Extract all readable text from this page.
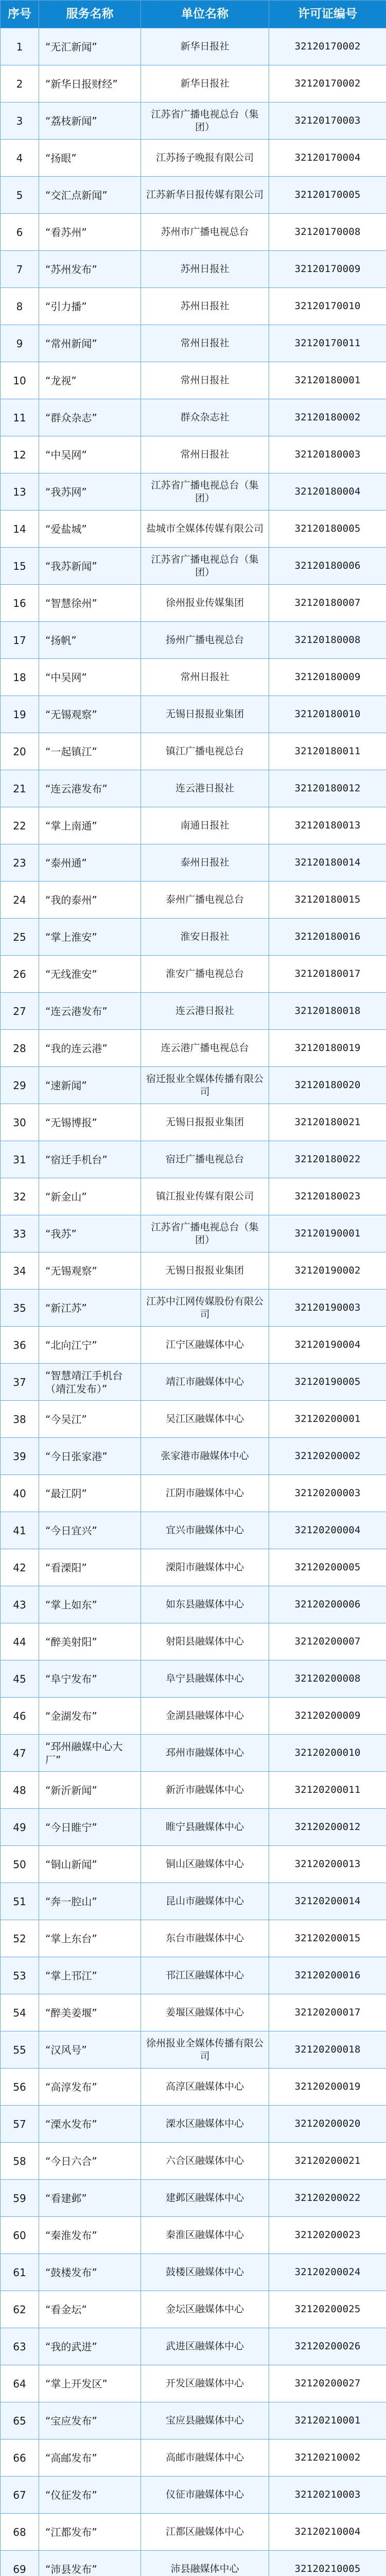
序号	服务名称	单位名称	许可证编号
1	“无汇新闻”	新华日报社	32120170002
2	“新华日报财经”	新华日报社	32120170002
3	“荔枝新闻”	江苏省广播电视总台（集团）	32120170003
4	“扬眼”	江苏扬子晚报有限公司	32120170004
5	“交汇点新闻”	江苏新华日报传媒有限公司	32120170005
6	“看苏州”	苏州市广播电视总台	32120170008
7	“苏州发布”	苏州日报社	32120170009
8	“引力播”	苏州日报社	32120170010
9	“常州新闻”	常州日报社	32120170011
10	“龙视”	常州日报社	32120180001
11	“群众杂志”	群众杂志社	32120180002
12	“中吴网”	常州日报社	32120180003
13	“我苏网”	江苏省广播电视总台（集团）	32120180004
14	“爱盐城”	盐城市全媒体传媒有限公司	32120180005
15	“我苏新闻”	江苏省广播电视总台（集团）	32120180006
16	“智慧徐州”	徐州报业传媒集团	32120180007
17	“扬帆”	扬州广播电视总台	32120180008
18	“中吴网”	常州日报社	32120180009
19	“无锡观察”	无锡日报报业集团	32120180010
20	“一起镇江”	镇江广播电视总台	32120180011
21	“连云港发布”	连云港日报社	32120180012
22	“掌上南通”	南通日报社	32120180013
23	“泰州通”	泰州日报社	32120180014
24	“我的泰州”	泰州广播电视总台	32120180015
25	“掌上淮安”	淮安日报社	32120180016
26	“无线淮安”	淮安广播电视总台	32120180017
27	“连云港发布”	连云港日报社	32120180018
28	“我的连云港”	连云港广播电视总台	32120180019
29	“速新闻”	宿迁报业全媒体传播有限公司	32120180020
30	“无锡博报”	无锡日报报业集团	32120180021
31	“宿迁手机台”	宿迁广播电视总台	32120180022
32	“新金山”	镇江报业传媒有限公司	32120180023
33	“我苏”	江苏省广播电视总台（集团）	32120190001
34	“无锡观察”	无锡日报报业集团	32120190002
35	“新江苏”	江苏中江网传媒股份有限公司	32120190003
36	“北向江宁”	江宁区融媒体中心	32120190004
37	“智慧靖江手机台（靖江发布）”	靖江市融媒体中心	32120190005
38	“今吴江”	吴江区融媒体中心	32120200001
39	“今日张家港”	张家港市融媒体中心	32120200002
40	“最江阴”	江阴市融媒体中心	32120200003
41	“今日宜兴”	宜兴市融媒体中心	32120200004
42	“看溧阳”	溧阳市融媒体中心	32120200005
43	“掌上如东”	如东县融媒体中心	32120200006
44	“醉美射阳”	射阳县融媒体中心	32120200007
45	“阜宁发布”	阜宁县融媒体中心	32120200008
46	“金湖发布”	金湖县融媒体中心	32120200009
47	“邳州融媒中心大厂”	邳州市融媒体中心	32120200010
48	“新沂新闻”	新沂市融媒体中心	32120200011
49	“今日睢宁”	睢宁县融媒体中心	32120200012
50	“铜山新闻”	铜山区融媒体中心	32120200013
51	“奔一腔山”	昆山市融媒体中心	32120200014
52	“掌上东台”	东台市融媒体中心	32120200015
53	“掌上邗江”	邗江区融媒体中心	32120200016
54	“醉美姜堰”	姜堰区融媒体中心	32120200017
55	“汉风号”	徐州报业全媒体传播有限公司	32120200018
56	“高淳发布”	高淳区融媒体中心	32120200019
57	“溧水发布”	溧水区融媒体中心	32120200020
58	“今日六合”	六合区融媒体中心	32120200021
59	“看建邺”	建邺区融媒体中心	32120200022
60	“秦淮发布”	秦淮区融媒体中心	32120200023
61	“鼓楼发布”	鼓楼区融媒体中心	32120200024
62	“看金坛”	金坛区融媒体中心	32120200025
63	“我的武进”	武进区融媒体中心	32120200026
64	“掌上开发区”	开发区融媒体中心	32120200027
65	“宝应发布”	宝应县融媒体中心	32120210001
66	“高邮发布”	高邮市融媒体中心	32120210002
67	“仪征发布”	仪征市融媒体中心	32120210003
68	“江都发布”	江都区融媒体中心	32120210004
69	“沛县发布”	沛县融媒体中心	32120210005
